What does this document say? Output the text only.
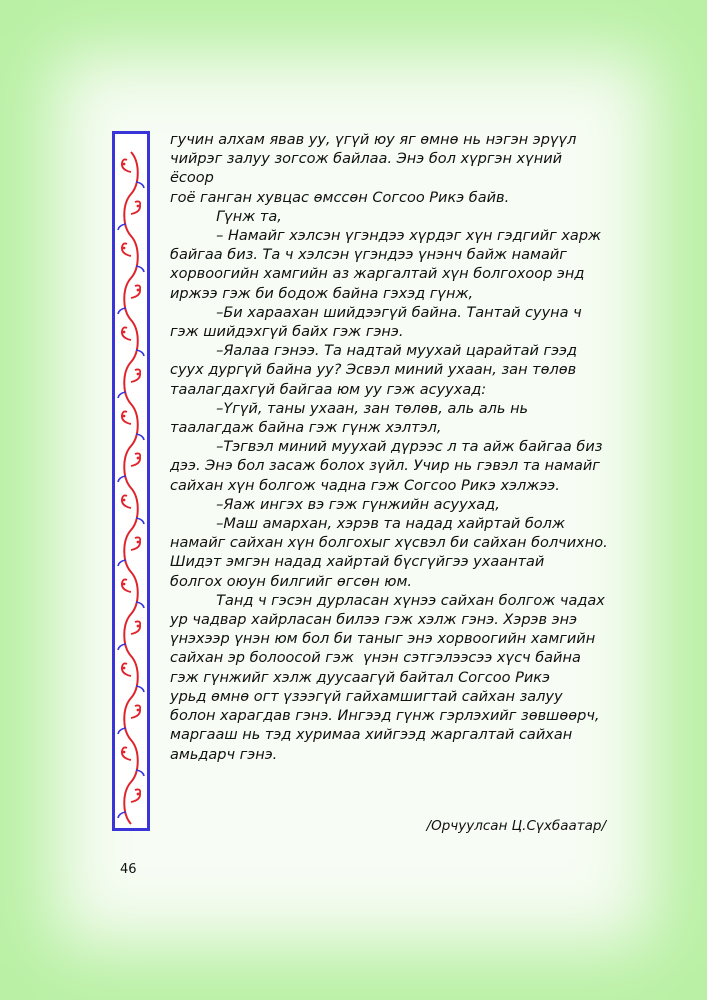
гучин алхам явав уу, үгүй юу яг өмнө нь нэгэн эрүүл

чийрэг залуу зогсож байлаа. Энэ бол хүргэн хүний ёсоор

гоё ганган хувцас өмссөн Согсоо Рикэ байв.

Гүнж та,

– Намайг хэлсэн үгэндээ хүрдэг хүн гэдгийг харж

байгаа биз. Та ч хэлсэн үгэндээ үнэнч байж намайг

хорвоогийн хамгийн аз жаргалтай хүн болгохоор энд

иржээ гэж би бодож байна гэхэд гүнж,

–Би хараахан шийдээгүй байна. Тантай сууна ч

гэж шийдэхгүй байх гэж гэнэ.

–Яалаа гэнээ. Та надтай муухай царайтай гээд

суух дургүй байна уу? Эсвэл миний ухаан, зан төлөв

таалагдахгүй байгаа юм уу гэж асуухад:

–Үгүй, таны ухаан, зан төлөв, аль аль нь

таалагдаж байна гэж гүнж хэлтэл,

–Тэгвэл миний муухай дүрээс л та айж байгаа биз

дээ. Энэ бол засаж болох зүйл. Учир нь гэвэл та намайг

сайхан хүн болгож чадна гэж Согсоо Рикэ хэлжээ.

–Яаж ингэх вэ гэж гүнжийн асуухад,

–Маш амархан, хэрэв та надад хайртай болж

намайг сайхан хүн болгохыг хүсвэл би сайхан болчихно.

Шидэт эмгэн надад хайртай бүсгүйгээ ухаантай

болгох оюун билгийг өгсөн юм.

Танд ч гэсэн дурласан хүнээ сайхан болгож чадах

ур чадвар хайрласан билээ гэж хэлж гэнэ. Хэрэв энэ

үнэхээр үнэн юм бол би таныг энэ хорвоогийн хамгийн

сайхан эр болоосой гэж  үнэн сэтгэлээсээ хүсч байна

гэж гүнжийг хэлж дуусаагүй байтал Согсоо Рикэ

урьд өмнө огт үзээгүй гайхамшигтай сайхан залуу

болон харагдав гэнэ. Ингээд гүнж гэрлэхийг зөвшөөрч,

маргааш нь тэд хуримаа хийгээд жаргалтай сайхан

амьдарч гэнэ.

/Орчуулсан Ц.Сүхбаатар/
46
